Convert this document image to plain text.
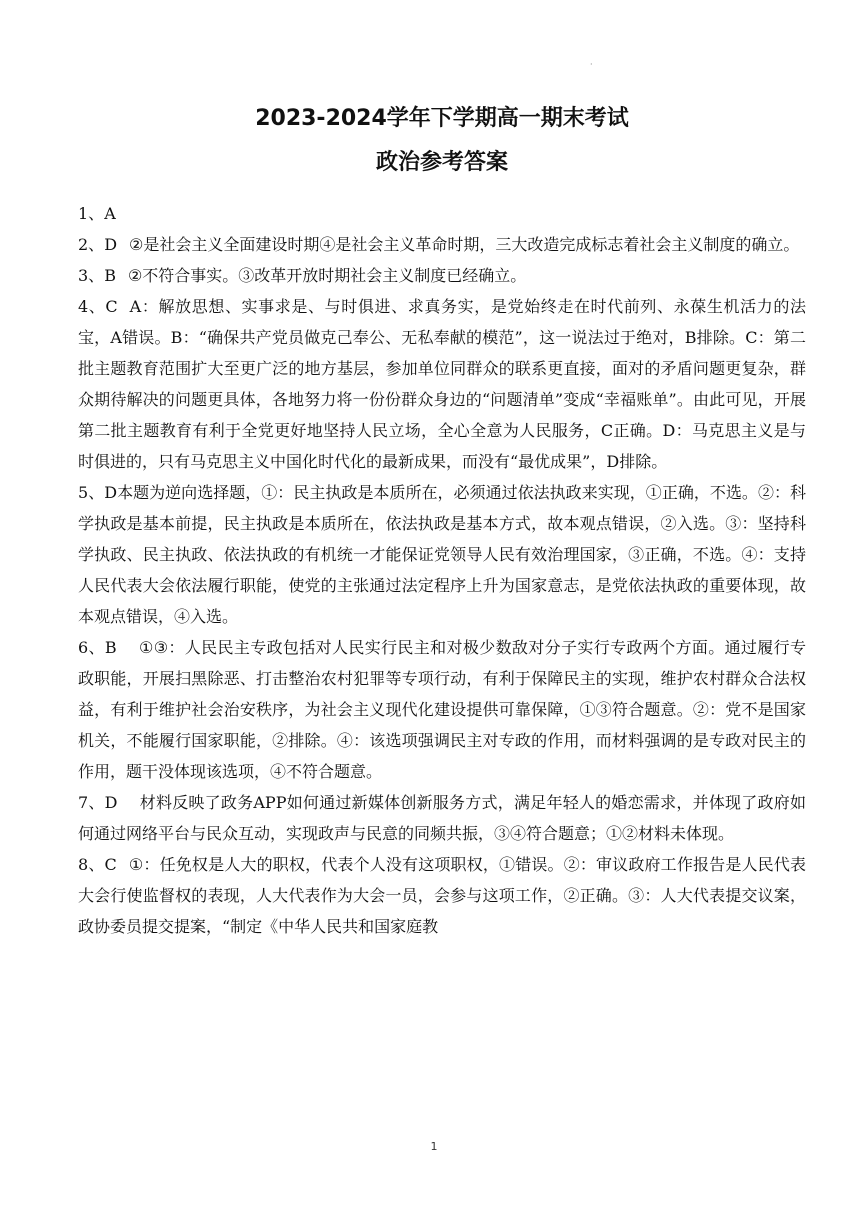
·
2023-2024学年下学期高一期末考试
政治参考答案

1、A

2、D ②是社会主义全面建设时期④是社会主义革命时期，三大改造完成标志着社会主义制度的确立。

3、B ②不符合事实。③改革开放时期社会主义制度已经确立。

4、C A：解放思想、实事求是、与时俱进、求真务实，是党始终走在时代前列、永葆生机活力的法宝，A错误。B：“确保共产党员做克己奉公、无私奉献的模范”，这一说法过于绝对，B排除。C：第二批主题教育范围扩大至更广泛的地方基层，参加单位同群众的联系更直接，面对的矛盾问题更复杂，群众期待解决的问题更具体，各地努力将一份份群众身边的“问题清单”变成“幸福账单”。由此可见，开展第二批主题教育有利于全党更好地坚持人民立场，全心全意为人民服务，C正确。D：马克思主义是与时俱进的，只有马克思主义中国化时代化的最新成果，而没有“最优成果”，D排除。

5、D本题为逆向选择题，①：民主执政是本质所在，必须通过依法执政来实现，①正确，不选。②：科学执政是基本前提，民主执政是本质所在，依法执政是基本方式，故本观点错误，②入选。③：坚持科学执政、民主执政、依法执政的有机统一才能保证党领导人民有效治理国家，③正确，不选。④：支持人民代表大会依法履行职能，使党的主张通过法定程序上升为国家意志，是党依法执政的重要体现，故本观点错误，④入选。

6、B ①③：人民民主专政包括对人民实行民主和对极少数敌对分子实行专政两个方面。通过履行专政职能，开展扫黑除恶、打击整治农村犯罪等专项行动，有利于保障民主的实现，维护农村群众合法权益，有利于维护社会治安秩序，为社会主义现代化建设提供可靠保障，①③符合题意。②：党不是国家机关，不能履行国家职能，②排除。④：该选项强调民主对专政的作用，而材料强调的是专政对民主的作用，题干没体现该选项，④不符合题意。

7、D 材料反映了政务APP如何通过新媒体创新服务方式，满足年轻人的婚恋需求，并体现了政府如何通过网络平台与民众互动，实现政声与民意的同频共振，③④符合题意；①②材料未体现。

8、C ①：任免权是人大的职权，代表个人没有这项职权，①错误。②：审议政府工作报告是人民代表大会行使监督权的表现，人大代表作为大会一员，会参与这项工作，②正确。③：人大代表提交议案，政协委员提交提案，“制定《中华人民共和国家庭教

1
